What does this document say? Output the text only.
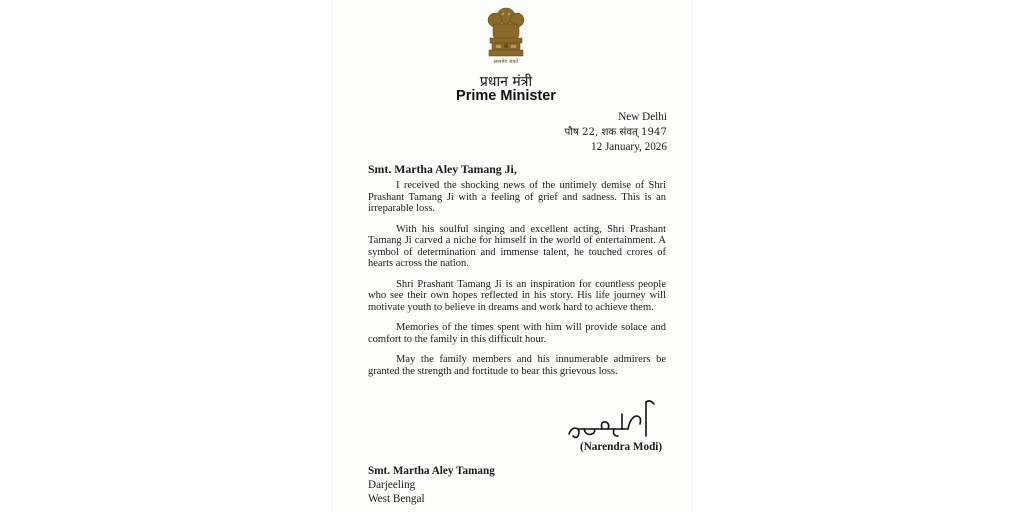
सत्यमेव जयते
प्रधान मंत्री
Prime Minister
New Delhi
पौष 22, शक संवत् 1947
12 January, 2026
Smt. Martha Aley Tamang Ji,

I received the shocking news of the untimely demise of Shri Prashant Tamang Ji with a feeling of grief and sadness. This is an irreparable loss.

With his soulful singing and excellent acting, Shri Prashant Tamang Ji carved a niche for himself in the world of entertainment. A symbol of determination and immense talent, he touched crores of hearts across the nation.

Shri Prashant Tamang Ji is an inspiration for countless people who see their own hopes reflected in his story. His life journey will motivate youth to believe in dreams and work hard to achieve them.

Memories of the times spent with him will provide solace and comfort to the family in this difficult hour.

May the family members and his innumerable admirers be granted the strength and fortitude to bear this grievous loss.

(Narendra Modi)
Smt. Martha Aley Tamang
Darjeeling
West Bengal
